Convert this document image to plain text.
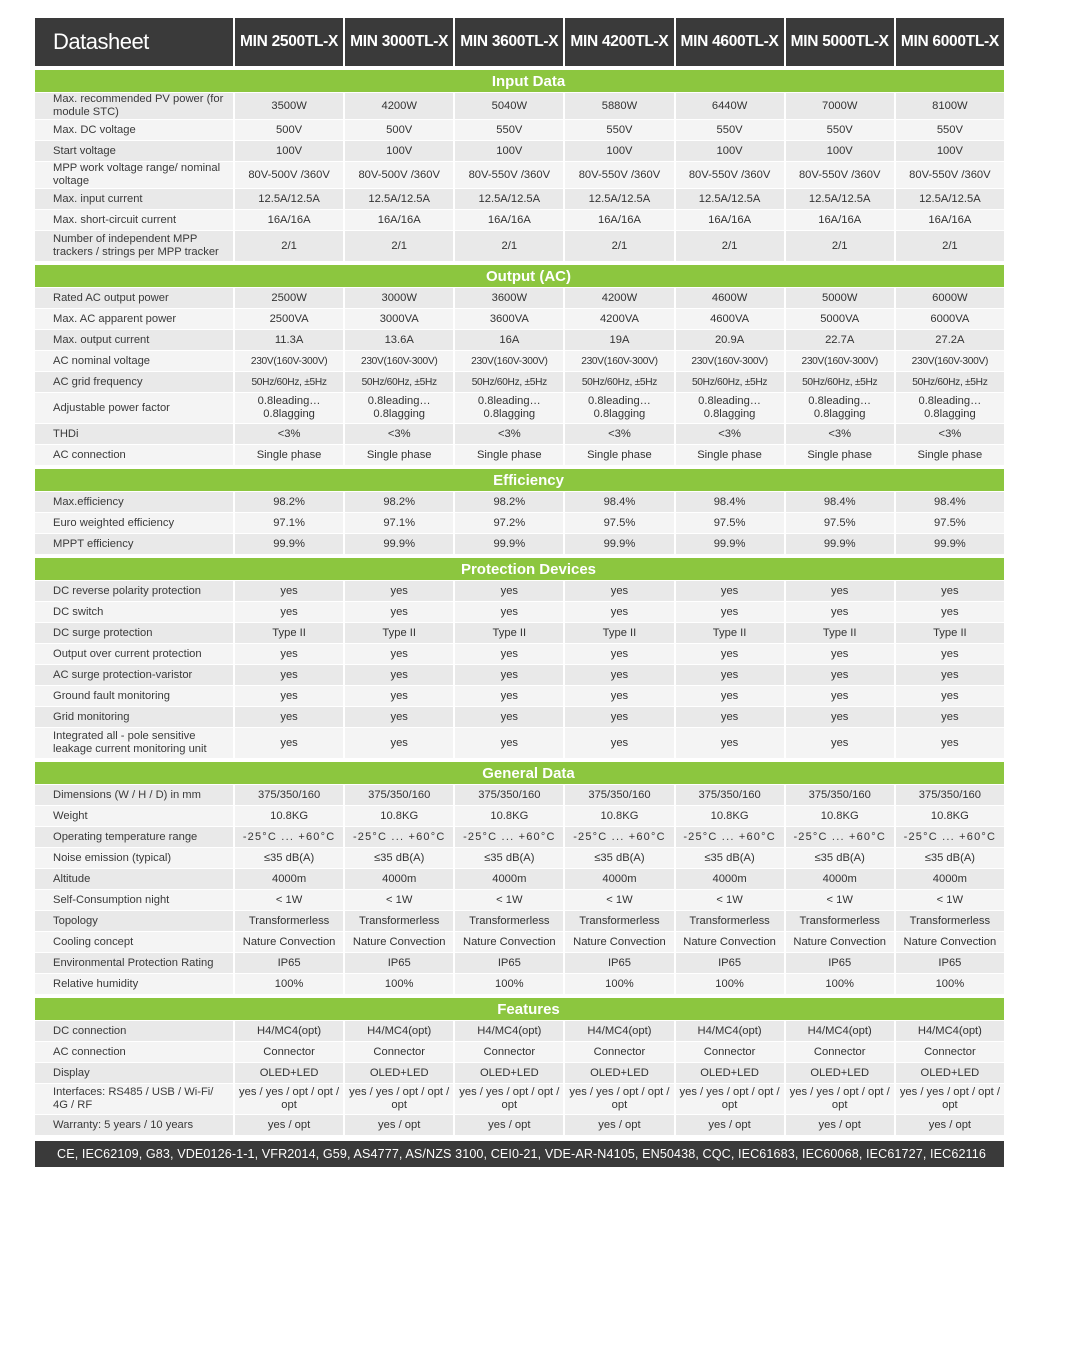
Datasheet	MIN 2500TL-X	MIN 3000TL-X	MIN 3600TL-X	MIN 4200TL-X	MIN 4600TL-X	MIN 5000TL-X	MIN 6000TL-X

Input Data							
Max. recommended PV power (for module STC)	3500W	4200W	5040W	5880W	6440W	7000W	8100W
Max. DC voltage	500V	500V	550V	550V	550V	550V	550V
Start voltage	100V	100V	100V	100V	100V	100V	100V
MPP work voltage range/ nominal voltage	80V-500V /360V	80V-500V /360V	80V-550V /360V	80V-550V /360V	80V-550V /360V	80V-550V /360V	80V-550V /360V
Max. input current	12.5A/12.5A	12.5A/12.5A	12.5A/12.5A	12.5A/12.5A	12.5A/12.5A	12.5A/12.5A	12.5A/12.5A
Max. short-circuit current	16A/16A	16A/16A	16A/16A	16A/16A	16A/16A	16A/16A	16A/16A
Number of independent MPP trackers / strings per MPP tracker	2/1	2/1	2/1	2/1	2/1	2/1	2/1

Output (AC)							
Rated AC output power	2500W	3000W	3600W	4200W	4600W	5000W	6000W
Max. AC apparent power	2500VA	3000VA	3600VA	4200VA	4600VA	5000VA	6000VA
Max. output current	11.3A	13.6A	16A	19A	20.9A	22.7A	27.2A
AC nominal voltage	230V(160V-300V)	230V(160V-300V)	230V(160V-300V)	230V(160V-300V)	230V(160V-300V)	230V(160V-300V)	230V(160V-300V)
AC grid frequency	50Hz/60Hz, ±5Hz	50Hz/60Hz, ±5Hz	50Hz/60Hz, ±5Hz	50Hz/60Hz, ±5Hz	50Hz/60Hz, ±5Hz	50Hz/60Hz, ±5Hz	50Hz/60Hz, ±5Hz
Adjustable power factor	0.8leading… 0.8lagging	0.8leading… 0.8lagging	0.8leading… 0.8lagging	0.8leading… 0.8lagging	0.8leading… 0.8lagging	0.8leading… 0.8lagging	0.8leading… 0.8lagging
THDi	<3%	<3%	<3%	<3%	<3%	<3%	<3%
AC connection	Single phase	Single phase	Single phase	Single phase	Single phase	Single phase	Single phase

Efficiency							
Max.efficiency	98.2%	98.2%	98.2%	98.4%	98.4%	98.4%	98.4%
Euro weighted efficiency	97.1%	97.1%	97.2%	97.5%	97.5%	97.5%	97.5%
MPPT efficiency	99.9%	99.9%	99.9%	99.9%	99.9%	99.9%	99.9%

Protection Devices							
DC reverse polarity protection	yes	yes	yes	yes	yes	yes	yes
DC switch	yes	yes	yes	yes	yes	yes	yes
DC surge protection	Type II	Type II	Type II	Type II	Type II	Type II	Type II
Output over current protection	yes	yes	yes	yes	yes	yes	yes
AC surge protection-varistor	yes	yes	yes	yes	yes	yes	yes
Ground fault monitoring	yes	yes	yes	yes	yes	yes	yes
Grid monitoring	yes	yes	yes	yes	yes	yes	yes
Integrated all - pole sensitive leakage current monitoring unit	yes	yes	yes	yes	yes	yes	yes

General Data							
Dimensions (W / H / D) in mm	375/350/160	375/350/160	375/350/160	375/350/160	375/350/160	375/350/160	375/350/160
Weight	10.8KG	10.8KG	10.8KG	10.8KG	10.8KG	10.8KG	10.8KG
Operating temperature range	-25°C ... +60°C	-25°C ... +60°C	-25°C ... +60°C	-25°C ... +60°C	-25°C ... +60°C	-25°C ... +60°C	-25°C ... +60°C
Noise emission (typical)	≤35 dB(A)	≤35 dB(A)	≤35 dB(A)	≤35 dB(A)	≤35 dB(A)	≤35 dB(A)	≤35 dB(A)
Altitude	4000m	4000m	4000m	4000m	4000m	4000m	4000m
Self-Consumption night	< 1W	< 1W	< 1W	< 1W	< 1W	< 1W	< 1W
Topology	Transformerless	Transformerless	Transformerless	Transformerless	Transformerless	Transformerless	Transformerless
Cooling concept	Nature Convection	Nature Convection	Nature Convection	Nature Convection	Nature Convection	Nature Convection	Nature Convection
Environmental Protection Rating	IP65	IP65	IP65	IP65	IP65	IP65	IP65
Relative humidity	100%	100%	100%	100%	100%	100%	100%

Features							
DC connection	H4/MC4(opt)	H4/MC4(opt)	H4/MC4(opt)	H4/MC4(opt)	H4/MC4(opt)	H4/MC4(opt)	H4/MC4(opt)
AC connection	Connector	Connector	Connector	Connector	Connector	Connector	Connector
Display	OLED+LED	OLED+LED	OLED+LED	OLED+LED	OLED+LED	OLED+LED	OLED+LED
Interfaces: RS485 / USB / Wi-Fi/ 4G / RF	yes / yes / opt / opt / opt	yes / yes / opt / opt / opt	yes / yes / opt / opt / opt	yes / yes / opt / opt / opt	yes / yes / opt / opt / opt	yes / yes / opt / opt / opt	yes / yes / opt / opt / opt
Warranty: 5 years / 10 years	yes / opt	yes / opt	yes / opt	yes / opt	yes / opt	yes / opt	yes / opt
CE, IEC62109, G83, VDE0126-1-1, VFR2014, G59, AS4777, AS/NZS 3100, CEI0-21, VDE-AR-N4105, EN50438, CQC, IEC61683, IEC60068, IEC61727, IEC62116
